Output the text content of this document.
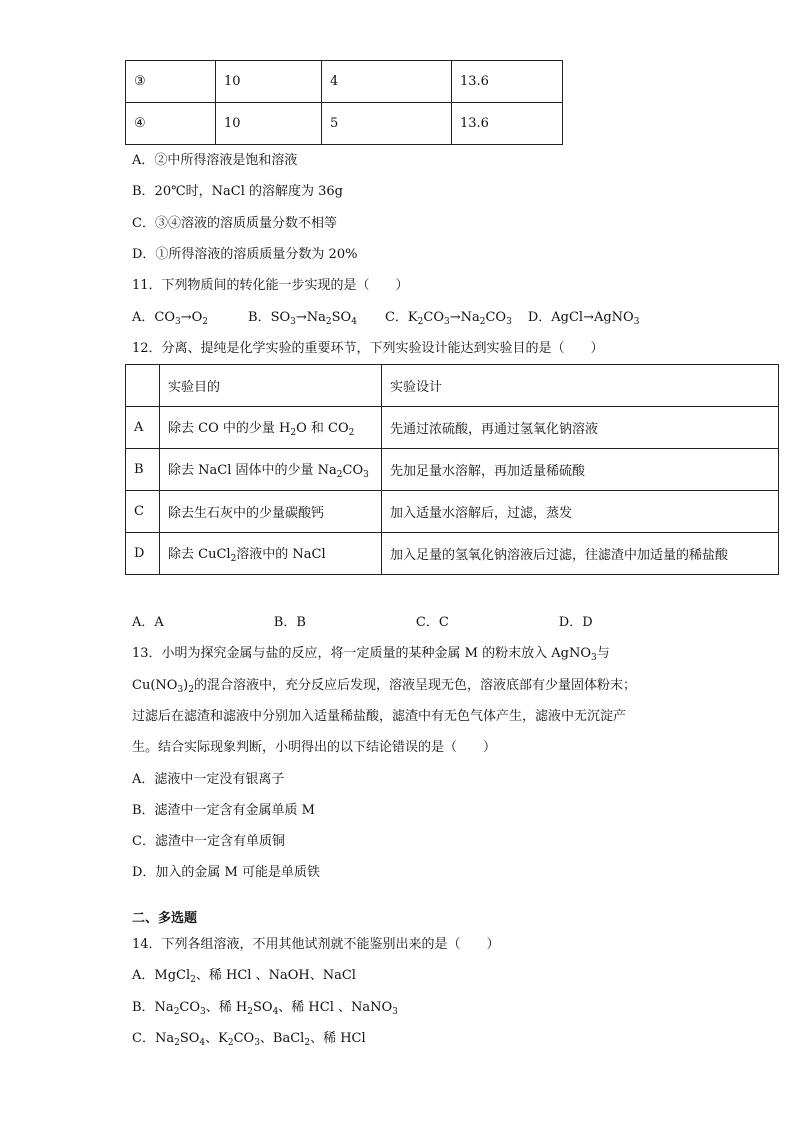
③	10	4	13.6
④	10	5	13.6
A．②中所得溶液是饱和溶液
B．20℃时，NaCl 的溶解度为 36g
C．③④溶液的溶质质量分数不相等
D．①所得溶液的溶质质量分数为 20%
11．下列物质间的转化能一步实现的是（　　）
A．$CO_3\to O_2$	B．$SO_3\to Na_2SO_4$ C．$K_2CO_3\to Na_2CO_3$ D．AgCl→AgNO$_3$
12．分离、提纯是化学实验的重要环节，下列实验设计能达到实验目的是（　　）
	实验目的	实验设计
A	除去 CO 中的少量 $H_2O$ 和 $CO_2$	先通过浓硫酸，再通过氢氧化钠溶液
B	除去 NaCl 固体中的少量 $Na_2CO_3$	先加足量水溶解，再加适量稀硫酸
C	除去生石灰中的少量碳酸钙	加入适量水溶解后，过滤，蒸发
D	除去 CuCl$_2$溶液中的 NaCl	加入足量的氢氧化钠溶液后过滤，往滤渣中加适量的稀盐酸
A．A	B．B	C．C	D．D
13．小明为探究金属与盐的反应，将一定质量的某种金属 M 的粉末放入 AgNO$_3$与
$Cu(NO_3)_2$的混合溶液中，充分反应后发现，溶液呈现无色，溶液底部有少量固体粉末；
过滤后在滤渣和滤液中分别加入适量稀盐酸，滤渣中有无色气体产生，滤液中无沉淀产
生。结合实际现象判断，小明得出的以下结论错误的是（　　）
A．滤液中一定没有银离子
B．滤渣中一定含有金属单质 M
C．滤渣中一定含有单质铜
D．加入的金属 M 可能是单质铁
二、多选题
14．下列各组溶液，不用其他试剂就不能鉴别出来的是（　　）
A．MgCl$_2$、稀 HCl 、NaOH、NaCl
B．$Na_2CO_3$、稀 $H_2SO_4$、稀 HCl 、NaNO$_3$
C．$Na_2SO_4$、$K_2CO_3$、BaCl$_2$、稀 HCl
